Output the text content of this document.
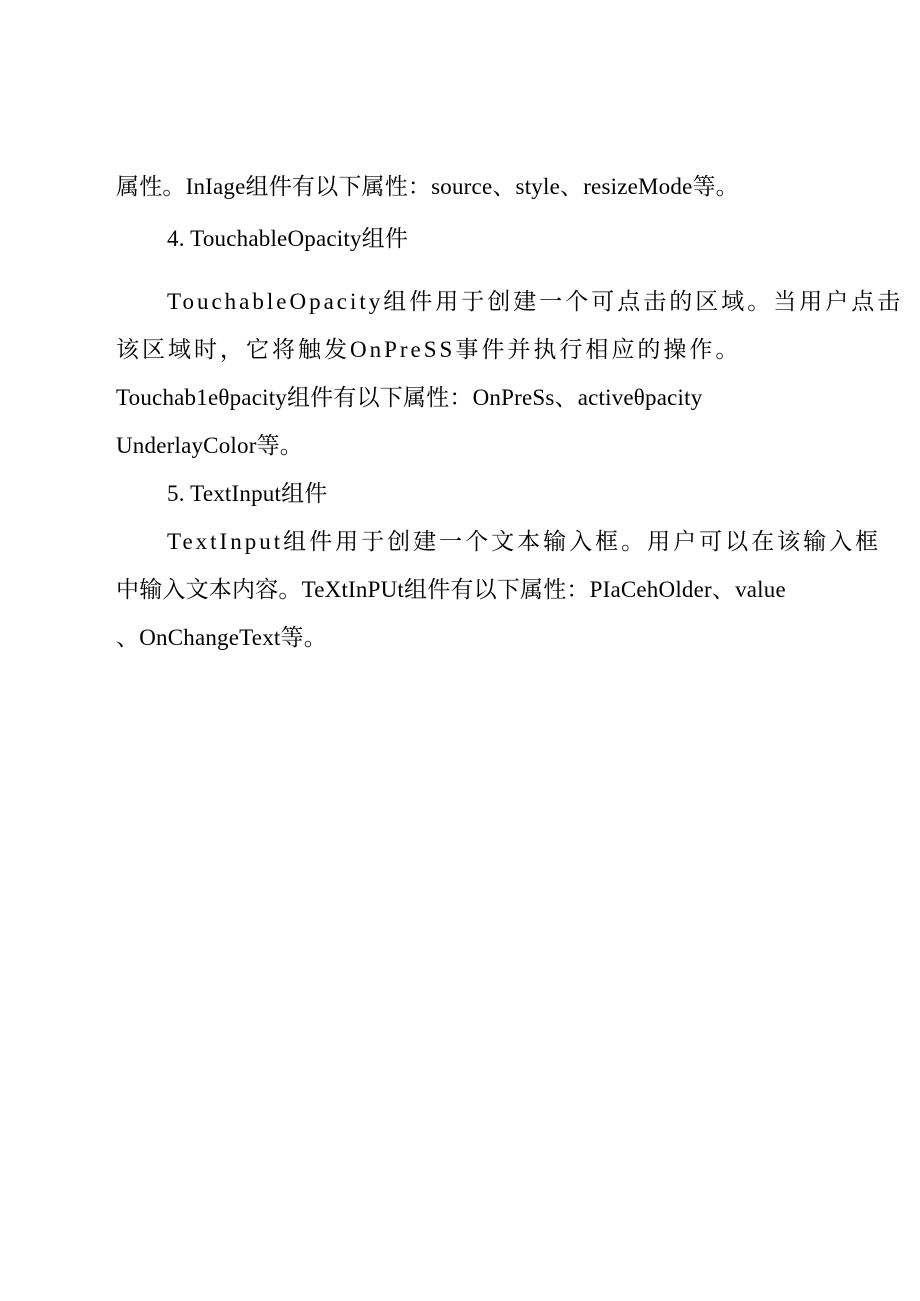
属性。InIage组件有以下属性：source、style、resizeMode等。
4. TouchableOpacity组件
TouchableOpacity组件用于创建一个可点击的区域。当用户点击
该区域时，它将触发OnPreSS事件并执行相应的操作。
Touchab1eθpacity组件有以下属性：OnPreSs、activeθpacity
UnderlayColor等。
5. TextInput组件
TextInput组件用于创建一个文本输入框。用户可以在该输入框
中输入文本内容。TeXtInPUt组件有以下属性：PIaCehOlder、value
、OnChangeText等。
